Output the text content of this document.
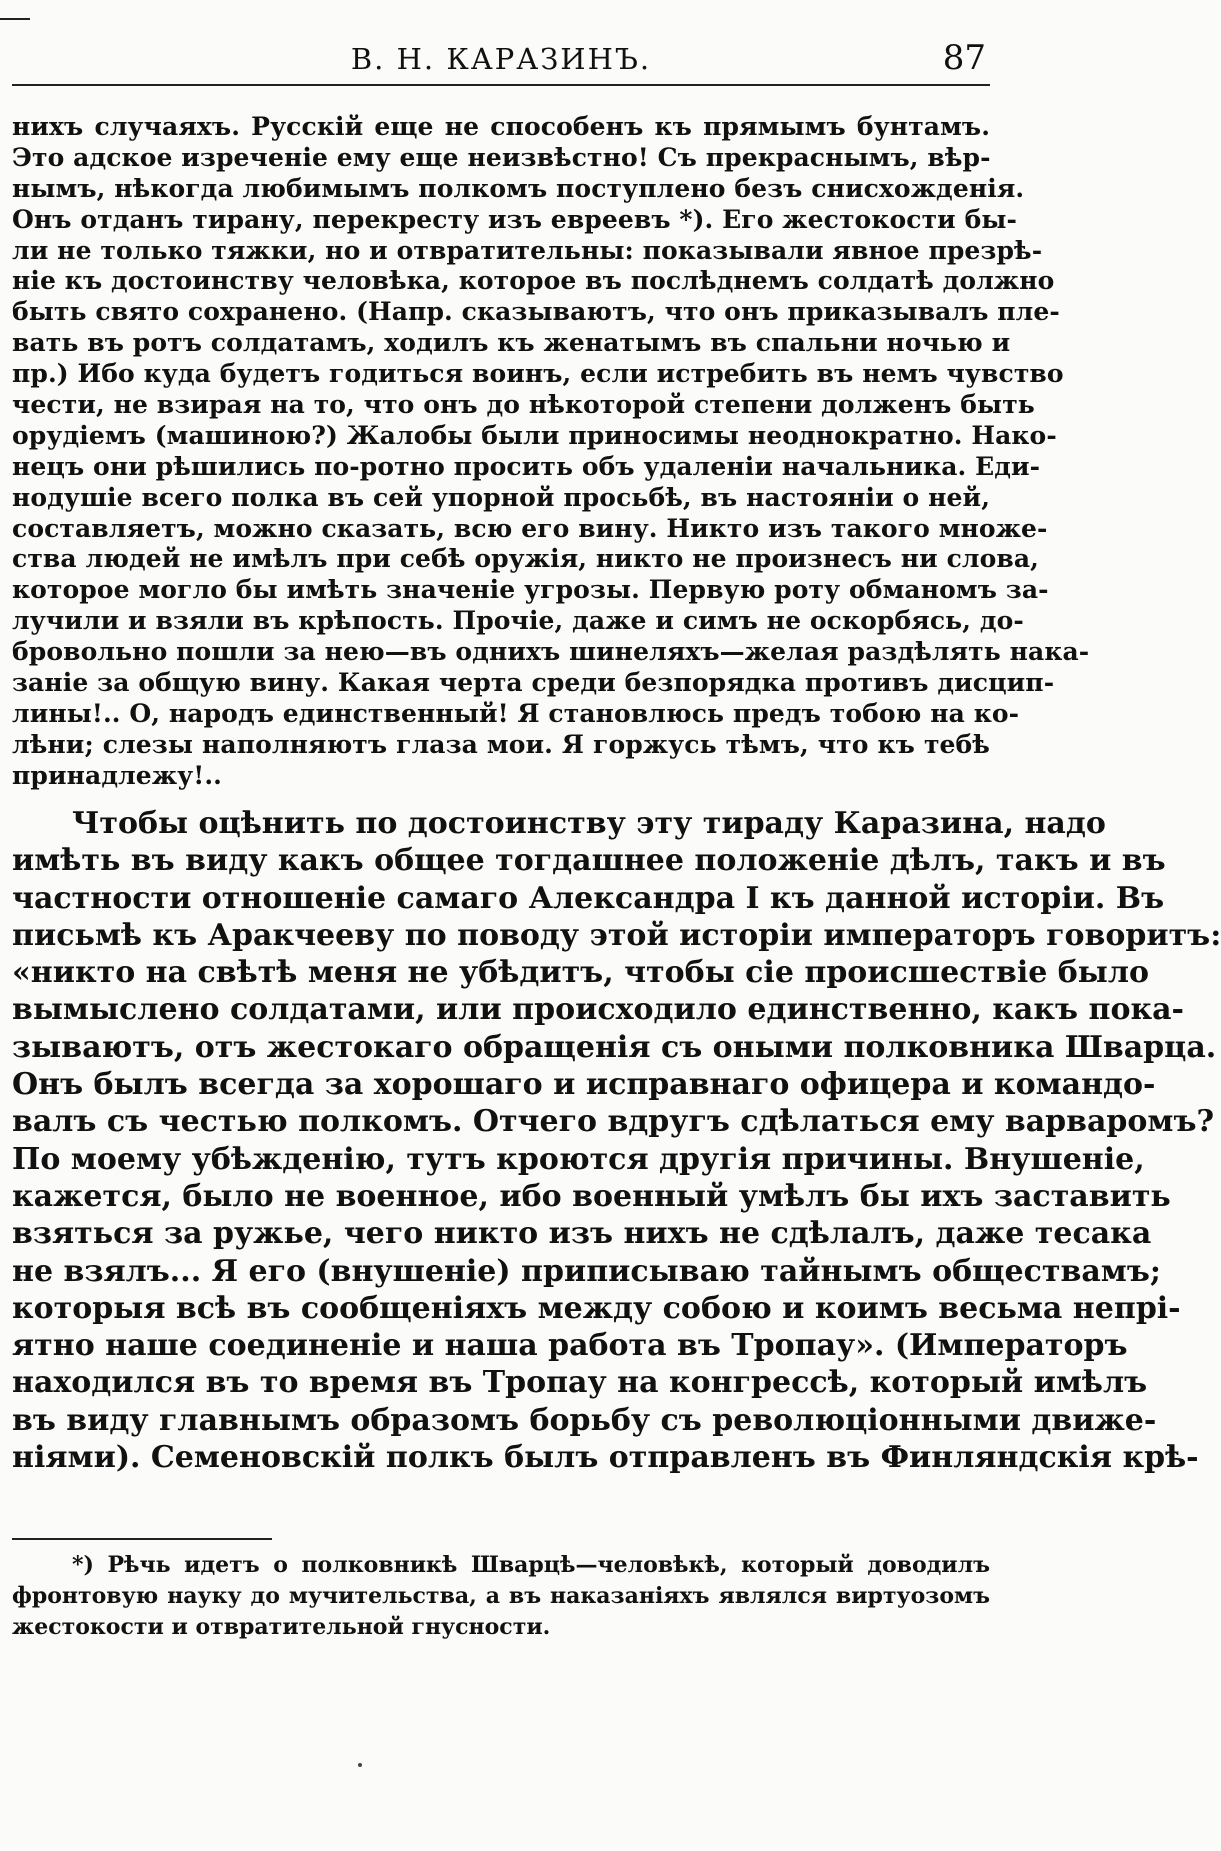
В. Н. КАРАЗИНЪ.	87
нихъ случаяхъ. Русскій еще не способенъ къ прямымъ бунтамъ.
Это адское изреченіе ему еще неизвѣстно! Съ прекраснымъ, вѣр-
нымъ, нѣкогда любимымъ полкомъ поступлено безъ снисхожденія.
Онъ отданъ тирану, перекресту изъ евреевъ *). Его жестокости бы-
ли не только тяжки, но и отвратительны: показывали явное презрѣ-
ніе къ достоинству человѣка, которое въ послѣднемъ солдатѣ должно
быть свято сохранено. (Напр. сказываютъ, что онъ приказывалъ пле-
вать въ ротъ солдатамъ, ходилъ къ женатымъ въ спальни ночью и
пр.) Ибо куда будетъ годиться воинъ, если истребить въ немъ чувство
чести, не взирая на то, что онъ до нѣкоторой степени долженъ быть
орудіемъ (машиною?) Жалобы были приносимы неоднократно. Нако-
нецъ они рѣшились по-ротно просить объ удаленіи начальника. Еди-
нодушіе всего полка въ сей упорной просьбѣ, въ настояніи о ней,
составляетъ, можно сказать, всю его вину. Никто изъ такого множе-
ства людей не имѣлъ при себѣ оружія, никто не произнесъ ни слова,
которое могло бы имѣть значеніе угрозы. Первую роту обманомъ за-
лучили и взяли въ крѣпость. Прочіе, даже и симъ не оскорбясь, до-
бровольно пошли за нею—въ однихъ шинеляхъ—желая раздѣлять нака-
заніе за общую вину. Какая черта среди безпорядка противъ дисцип-
лины!.. О, народъ единственный! Я становлюсь предъ тобою на ко-
лѣни; слезы наполняютъ глаза мои. Я горжусь тѣмъ, что къ тебѣ
принадлежу!..
Чтобы оцѣнить по достоинству эту тираду Каразина, надо
имѣть въ виду какъ общее тогдашнее положеніе дѣлъ, такъ и въ
частности отношеніе самаго Александра I къ данной исторіи. Въ
письмѣ къ Аракчееву по поводу этой исторіи императоръ говоритъ:
«никто на свѣтѣ меня не убѣдитъ, чтобы сіе происшествіе было
вымыслено солдатами, или происходило единственно, какъ пока-
зываютъ, отъ жестокаго обращенія съ оными полковника Шварца.
Онъ былъ всегда за хорошаго и исправнаго офицера и командо-
валъ съ честью полкомъ. Отчего вдругъ сдѣлаться ему варваромъ?
По моему убѣжденію, тутъ кроются другія причины. Внушеніе,
кажется, было не военное, ибо военный умѣлъ бы ихъ заставить
взяться за ружье, чего никто изъ нихъ не сдѣлалъ, даже тесака
не взялъ... Я его (внушеніе) приписываю тайнымъ обществамъ;
которыя всѣ въ сообщеніяхъ между собою и коимъ весьма непрі-
ятно наше соединеніе и наша работа въ Тропау». (Императоръ
находился въ то время въ Тропау на конгрессѣ, который имѣлъ
въ виду главнымъ образомъ борьбу съ революціонными движе-
ніями). Семеновскій полкъ былъ отправленъ въ Финляндскія крѣ-
*) Рѣчь идетъ о полковникѣ Шварцѣ—человѣкѣ, который доводилъ
фронтовую науку до мучительства, а въ наказаніяхъ являлся виртуозомъ
жестокости и отвратительной гнусности.
